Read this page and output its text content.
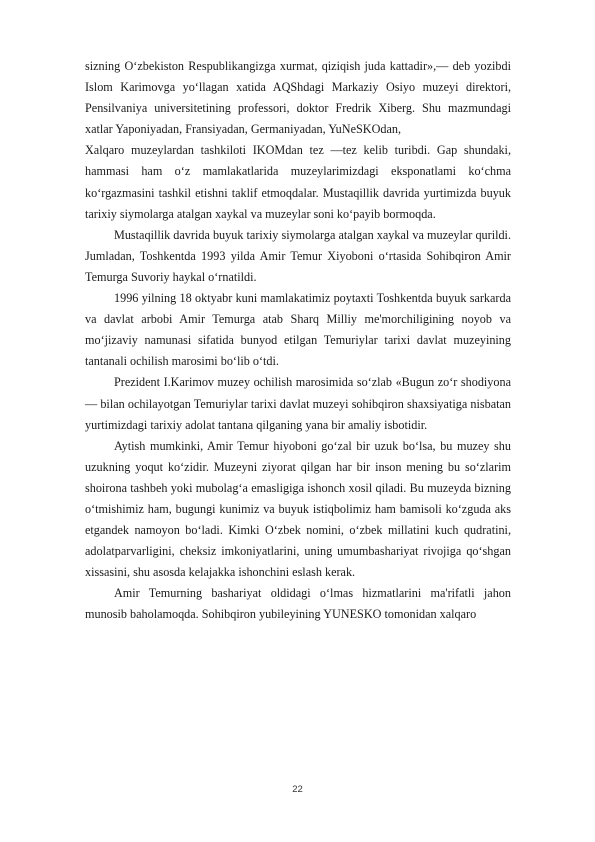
sizning O‘zbekiston Respublikangizga xurmat, qiziqish juda kattadir»,— deb yozibdi Islom Karimovga yo‘llagan xatida AQShdagi Markaziy Osiyo muzeyi direktori, Pensilvaniya universitetining professori, doktor Fredrik Xiberg. Shu mazmundagi xatlar Yaponiyadan, Fransiyadan, Germaniyadan, YuNeSKOdan,

Xalqaro muzeylardan tashkiloti IKOMdan tez —tez kelib turibdi. Gap shundaki, hammasi ham o‘z mamlakatlarida muzeylarimizdagi eksponatlami ko‘chma ko‘rgazmasini tashkil etishni taklif etmoqdalar. Mustaqillik davrida yurtimizda buyuk tarixiy siymolarga atalgan xaykal va muzeylar soni ko‘payib bormoqda.

Mustaqillik davrida buyuk tarixiy siymolarga atalgan xaykal va muzeylar qurildi. Jumladan, Toshkentda 1993 yilda Amir Temur Xiyoboni o‘rtasida Sohibqiron Amir Temurga Suvoriy haykal o‘rnatildi.

1996 yilning 18 oktyabr kuni mamlakatimiz poytaxti Toshkentda buyuk sarkarda va davlat arbobi Amir Temurga atab Sharq Milliy me'morchiligining noyob va mo‘jizaviy namunasi sifatida bunyod etilgan Temuriylar tarixi davlat muzeyining tantanali ochilish marosimi bo‘lib o‘tdi.

Prezident I.Karimov muzey ochilish marosimida so‘zlab «Bugun zo‘r shodiyona— bilan ochilayotgan Temuriylar tarixi davlat muzeyi sohibqiron shaxsiyatiga nisbatan yurtimizdagi tarixiy adolat tantana qilganing yana bir amaliy isbotidir.

Aytish mumkinki, Amir Temur hiyoboni go‘zal bir uzuk bo‘lsa, bu muzey shu uzukning yoqut ko‘zidir. Muzeyni ziyorat qilgan har bir inson mening bu so‘zlarim shoirona tashbeh yoki mubolag‘a emasligiga ishonch xosil qiladi. Bu muzeyda bizning o‘tmishimiz ham, bugungi kunimiz va buyuk istiqbolimiz ham bamisoli ko‘zguda aks etgandek namoyon bo‘ladi. Kimki O‘zbek nomini, o‘zbek millatini kuch qudratini, adolatparvarligini, cheksiz imkoniyatlarini, uning umumbashariyat rivojiga qo‘shgan xissasini, shu asosda kelajakka ishonchini eslash kerak.

Amir Temurning bashariyat oldidagi o‘lmas hizmatlarini ma'rifatli jahon munosib baholamoqda. Sohibqiron yubileyining YUNESKO tomonidan xalqaro

22
